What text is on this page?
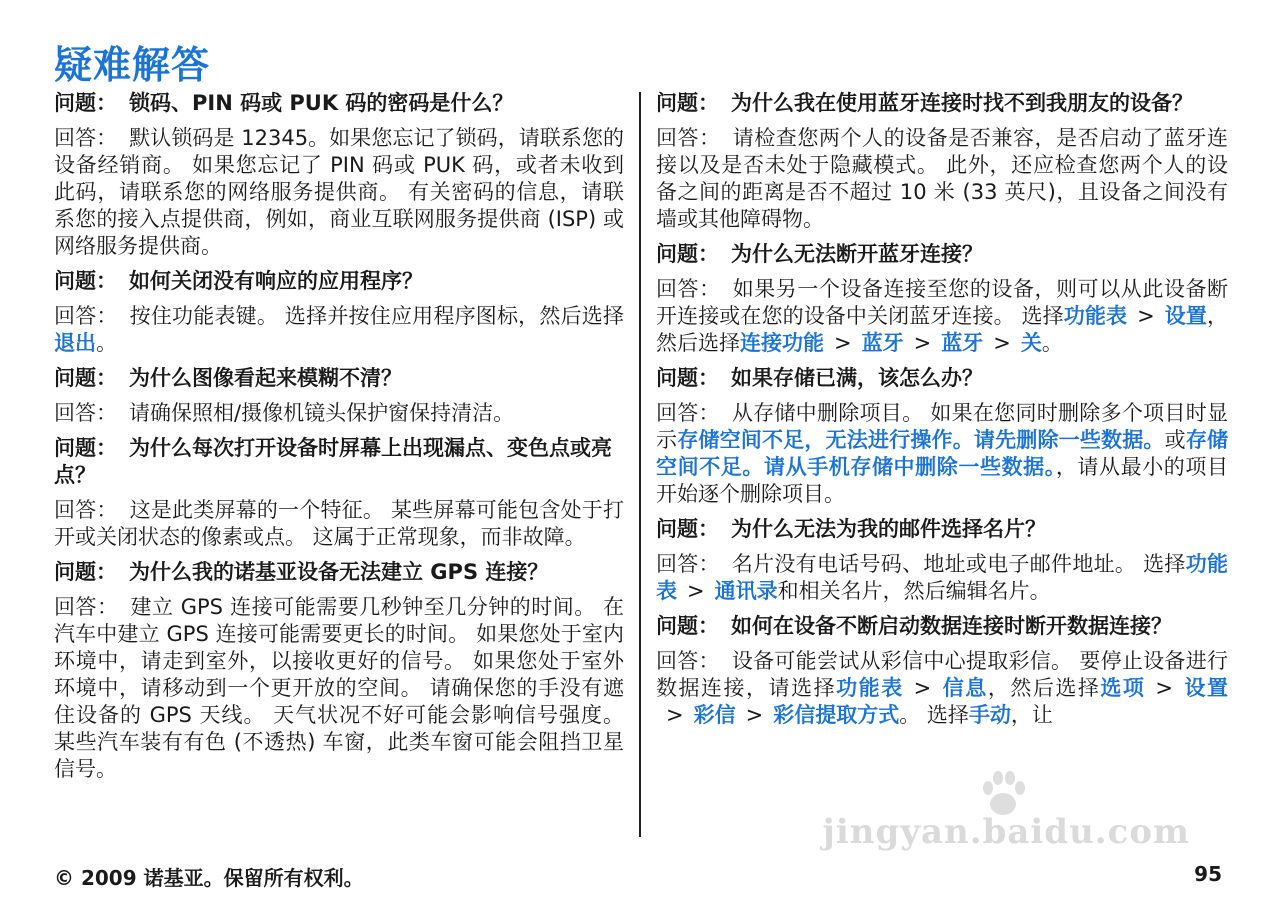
疑难解答

问题： 锁码、PIN 码或 PUK 码的密码是什么？

回答： 默认锁码是 12345。如果您忘记了锁码，请联系您的设备经销商。 如果您忘记了 PIN 码或 PUK 码，或者未收到此码，请联系您的网络服务提供商。 有关密码的信息，请联系您的接入点提供商，例如，商业互联网服务提供商 (ISP) 或网络服务提供商。

问题： 如何关闭没有响应的应用程序？

回答： 按住功能表键。 选择并按住应用程序图标，然后选择退出。

问题： 为什么图像看起来模糊不清？

回答： 请确保照相/摄像机镜头保护窗保持清洁。

问题： 为什么每次打开设备时屏幕上出现漏点、变色点或亮点？

回答： 这是此类屏幕的一个特征。 某些屏幕可能包含处于打开或关闭状态的像素或点。 这属于正常现象，而非故障。

问题： 为什么我的诺基亚设备无法建立 GPS 连接？

回答： 建立 GPS 连接可能需要几秒钟至几分钟的时间。 在汽车中建立 GPS 连接可能需要更长的时间。 如果您处于室内环境中，请走到室外，以接收更好的信号。 如果您处于室外环境中，请移动到一个更开放的空间。 请确保您的手没有遮住设备的 GPS 天线。 天气状况不好可能会影响信号强度。 某些汽车装有有色 (不透热) 车窗，此类车窗可能会阻挡卫星信号。

问题： 为什么我在使用蓝牙连接时找不到我朋友的设备？

回答： 请检查您两个人的设备是否兼容，是否启动了蓝牙连接以及是否未处于隐藏模式。 此外，还应检查您两个人的设备之间的距离是否不超过 10 米 (33 英尺)，且设备之间没有墙或其他障碍物。

问题： 为什么无法断开蓝牙连接？

回答： 如果另一个设备连接至您的设备，则可以从此设备断开连接或在您的设备中关闭蓝牙连接。 选择功能表 > 设置，然后选择连接功能 > 蓝牙 > 蓝牙 > 关。

问题： 如果存储已满，该怎么办？

回答： 从存储中删除项目。 如果在您同时删除多个项目时显示存储空间不足，无法进行操作。请先删除一些数据。或存储空间不足。请从手机存储中删除一些数据。，请从最小的项目开始逐个删除项目。

问题： 为什么无法为我的邮件选择名片？

回答： 名片没有电话号码、地址或电子邮件地址。 选择功能表 > 通讯录和相关名片，然后编辑名片。

问题： 如何在设备不断启动数据连接时断开数据连接？

回答： 设备可能尝试从彩信中心提取彩信。 要停止设备进行数据连接，请选择功能表 > 信息，然后选择选项 > 设置> 彩信 > 彩信提取方式。 选择手动，让

jingyan.baidu.com
© 2009 诺基亚。保留所有权利。	95
